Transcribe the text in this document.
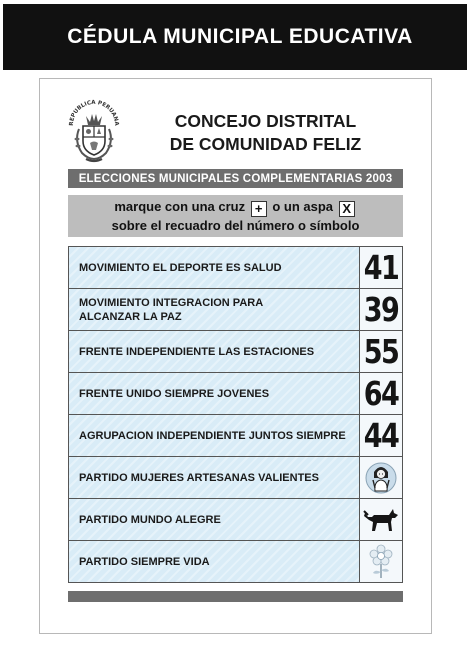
CÉDULA MUNICIPAL EDUCATIVA
REPUBLICA PERUANA	CONCEJO DISTRITAL
DE COMUNIDAD FELIZ
ELECCIONES MUNICIPALES COMPLEMENTARIAS 2003
marque con una cruz + o un aspa X
sobre el recuadro del número o símbolo
MOVIMIENTO EL DEPORTE ES SALUD 41
MOVIMIENTO INTEGRACION PARA
ALCANZAR LA PAZ	39
FRENTE INDEPENDIENTE LAS ESTACIONES 55
FRENTE UNIDO SIEMPRE JOVENES	64
AGRUPACION INDEPENDIENTE JUNTOS SIEMPRE 44
PARTIDO MUJERES ARTESANAS VALIENTES
PARTIDO MUNDO ALEGRE
PARTIDO SIEMPRE VIDA
